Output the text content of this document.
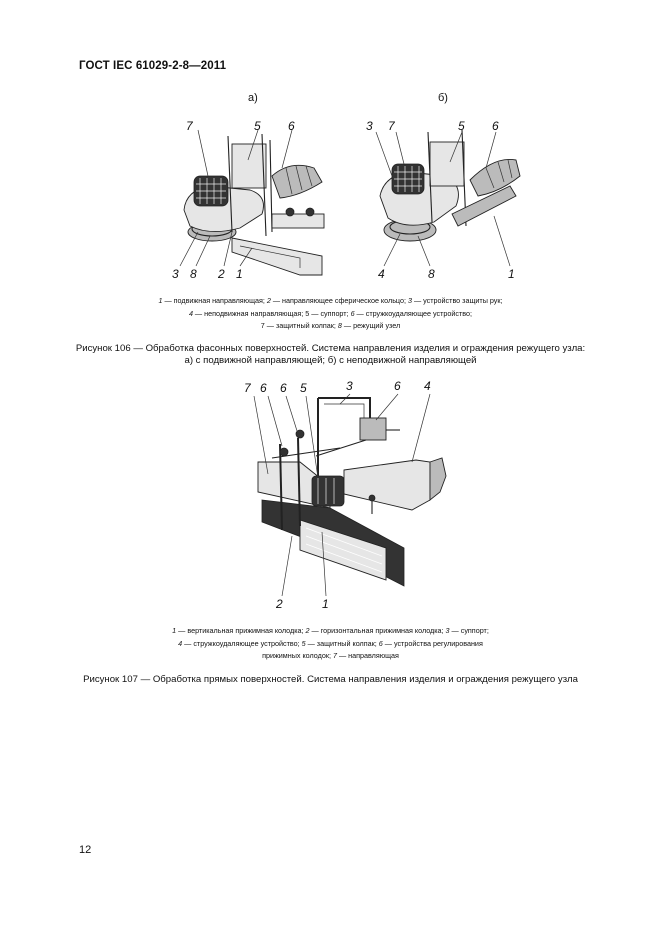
ГОСТ IEC 61029-2-8—2011
а)	б)
7	5 6
3 8 2 1
3 7	5 6
4	8	1
7 6 6 5	3	6 4
2	1
1 — подвижная направляющая; 2 — направляющее сферическое кольцо; 3 — устройство защиты рук;
4 — неподвижная направляющая; 5 — суппорт; 6 — стружкоудаляющее устройство;
7 — защитный колпак; 8 — режущий узел
Рисунок 106 — Обработка фасонных поверхностей. Система направления изделия и ограждения режущего узла:
а) с подвижной направляющей; б) с неподвижной направляющей
1 — вертикальная прижимная колодка; 2 — горизонтальная прижимная колодка; 3 — суппорт;
4 — стружкоудаляющее устройство; 5 — защитный колпак; 6 — устройства регулирования
прижимных колодок; 7 — направляющая
Рисунок 107 — Обработка прямых поверхностей. Система направления изделия и ограждения режущего узла
12
